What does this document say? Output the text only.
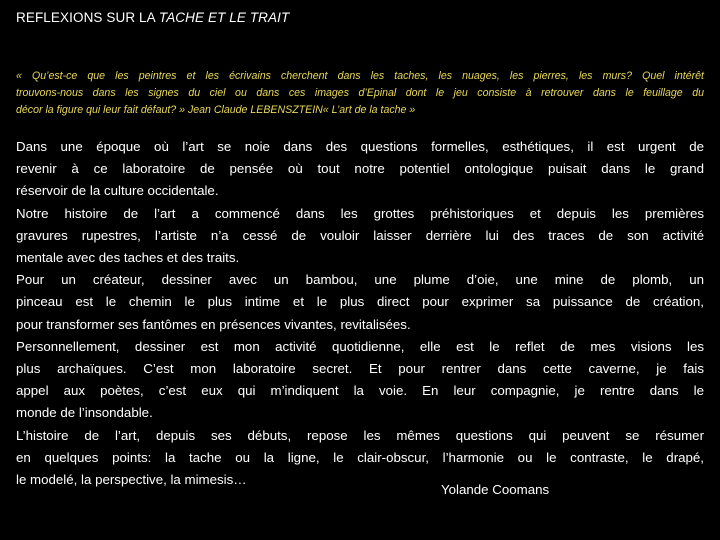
REFLEXIONS SUR LA TACHE ET LE TRAIT
« Qu’est-ce que les peintres et les écrivains cherchent dans les taches, les nuages, les pierres, les murs? Quel intérêt
trouvons-nous dans les signes du ciel ou dans ces images d’Epinal dont le jeu consiste à retrouver dans le feuillage du
décor la figure qui leur fait défaut? » Jean Claude LEBENSZTEIN« L’art de la tache »
Dans une époque où l’art se noie dans des questions formelles, esthétiques, il est urgent de
revenir à ce laboratoire de pensée où tout notre potentiel ontologique puisait dans le grand
réservoir de la culture occidentale.
Notre histoire de l’art a commencé dans les grottes préhistoriques et depuis les premières
gravures rupestres, l’artiste n’a cessé de vouloir laisser derrière lui des traces de son activité
mentale avec des taches et des traits.
Pour un créateur, dessiner avec un bambou, une plume d’oie, une mine de plomb, un
pinceau est le chemin le plus intime et le plus direct pour exprimer sa puissance de création,
pour transformer ses fantômes en présences vivantes, revitalisées.
Personnellement, dessiner est mon activité quotidienne, elle est le reflet de mes visions les
plus archaïques. C’est mon laboratoire secret. Et pour rentrer dans cette caverne, je fais
appel aux poètes, c’est eux qui m’indiquent la voie. En leur compagnie, je rentre dans le
monde de l’insondable.
L’histoire de l’art, depuis ses débuts, repose les mêmes questions qui peuvent se résumer
en quelques points: la tache ou la ligne, le clair-obscur, l’harmonie ou le contraste, le drapé,
le modelé, la perspective, la mimesis…
Yolande Coomans
